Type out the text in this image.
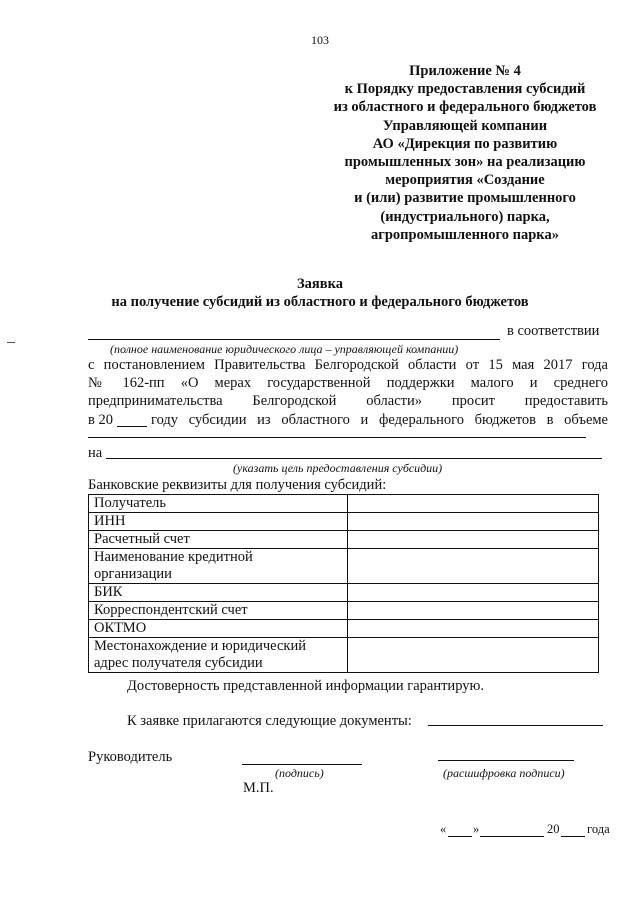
103
Приложение № 4
к Порядку предоставления субсидий
из областного и федерального бюджетов
Управляющей компании
АО «Дирекция по развитию
промышленных зон» на реализацию
мероприятия «Создание
и (или) развитие промышленного
(индустриального) парка,
агропромышленного парка»
Заявка
на получение субсидий из областного и федерального бюджетов
в соответствии
(полное наименование юридического лица – управляющей компании)
с постановлением Правительства Белгородской области от 15 мая 2017 года
№ 162-пп «О мерах государственной поддержки малого и среднего
предпринимательства Белгородской области» просит предоставить
в 20	году субсидии из областного и федерального бюджетов в объеме
на
(указать цель предоставления субсидии)
Банковские реквизиты для получения субсидий:
Получатель	
ИНН	
Расчетный счет	
Наименование кредитной организации	
БИК	
Корреспондентский счет	
ОКТМО	
Местонахождение и юридический адрес получателя субсидии	
Достоверность представленной информации гарантирую.
К заявке прилагаются следующие документы:
Руководитель
(подпись)	(расшифровка подписи)
М.П.
« »	20 года
